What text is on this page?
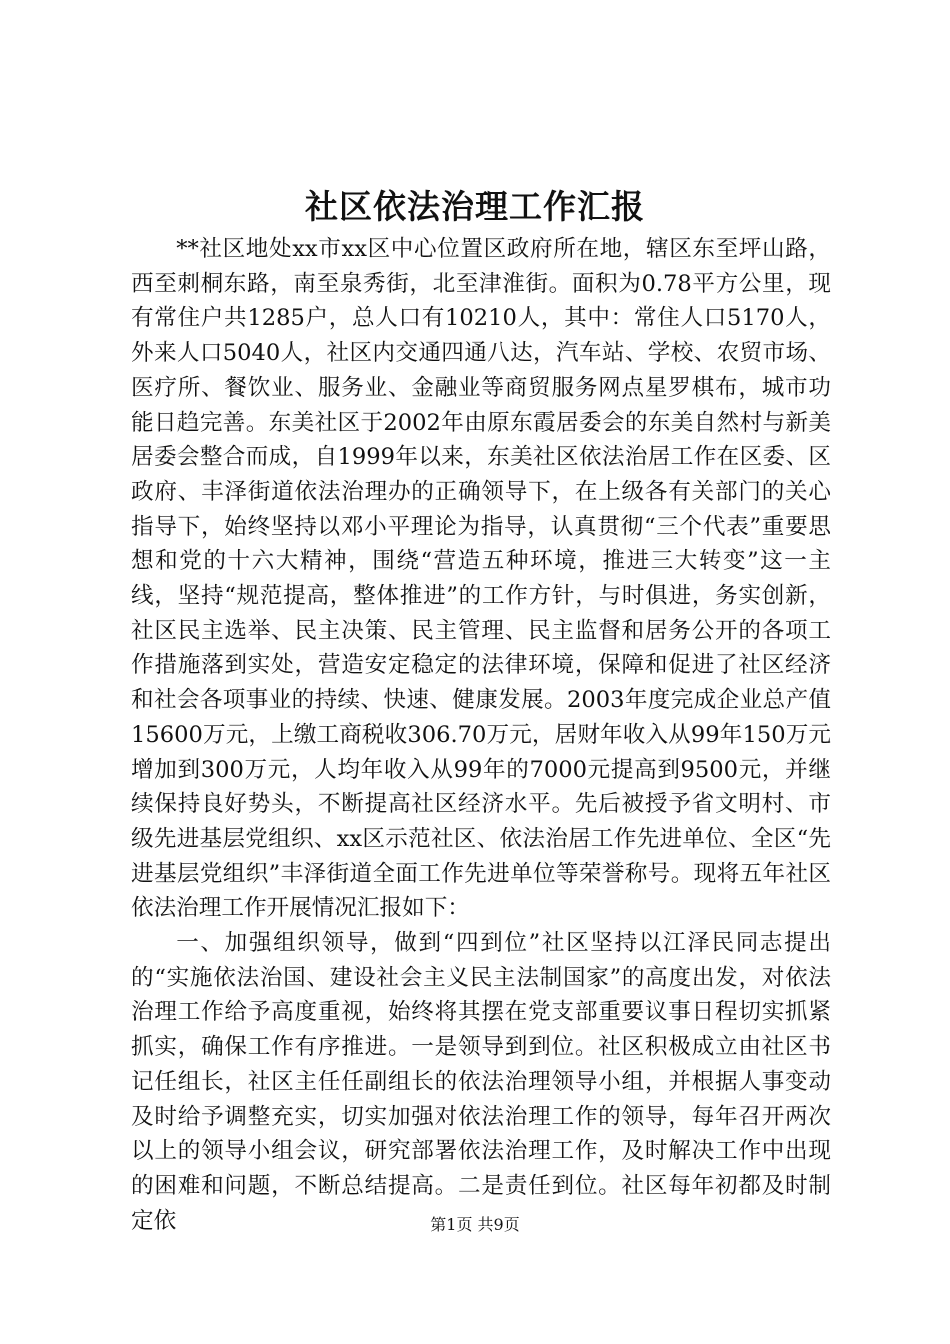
社区依法治理工作汇报

**社区地处xx市xx区中心位置区政府所在地，辖区东至坪山路，西至刺桐东路，南至泉秀街，北至津淮街。面积为0.78平方公里，现有常住户共1285户，总人口有10210人，其中：常住人口5170人，外来人口5040人，社区内交通四通八达，汽车站、学校、农贸市场、医疗所、餐饮业、服务业、金融业等商贸服务网点星罗棋布，城市功能日趋完善。东美社区于2002年由原东霞居委会的东美自然村与新美居委会整合而成，自1999年以来，东美社区依法治居工作在区委、区政府、丰泽街道依法治理办的正确领导下，在上级各有关部门的关心指导下，始终坚持以邓小平理论为指导，认真贯彻“三个代表”重要思想和党的十六大精神，围绕“营造五种环境，推进三大转变”这一主线，坚持“规范提高，整体推进”的工作方针，与时俱进，务实创新，社区民主选举、民主决策、民主管理、民主监督和居务公开的各项工作措施落到实处，营造安定稳定的法律环境，保障和促进了社区经济和社会各项事业的持续、快速、健康发展。2003年度完成企业总产值15600万元，上缴工商税收306.70万元，居财年收入从99年150万元增加到300万元，人均年收入从99年的7000元提高到9500元，并继续保持良好势头，不断提高社区经济水平。先后被授予省文明村、市级先进基层党组织、xx区示范社区、依法治居工作先进单位、全区“先进基层党组织”丰泽街道全面工作先进单位等荣誉称号。现将五年社区依法治理工作开展情况汇报如下：

一、加强组织领导，做到“四到位”社区坚持以江泽民同志提出的“实施依法治国、建设社会主义民主法制国家”的高度出发，对依法治理工作给予高度重视，始终将其摆在党支部重要议事日程切实抓紧抓实，确保工作有序推进。一是领导到到位。社区积极成立由社区书记任组长，社区主任任副组长的依法治理领导小组，并根据人事变动及时给予调整充实，切实加强对依法治理工作的领导，每年召开两次以上的领导小组会议，研究部署依法治理工作，及时解决工作中出现的困难和问题，不断总结提高。二是责任到位。社区每年初都及时制定依	第1页 共9页
